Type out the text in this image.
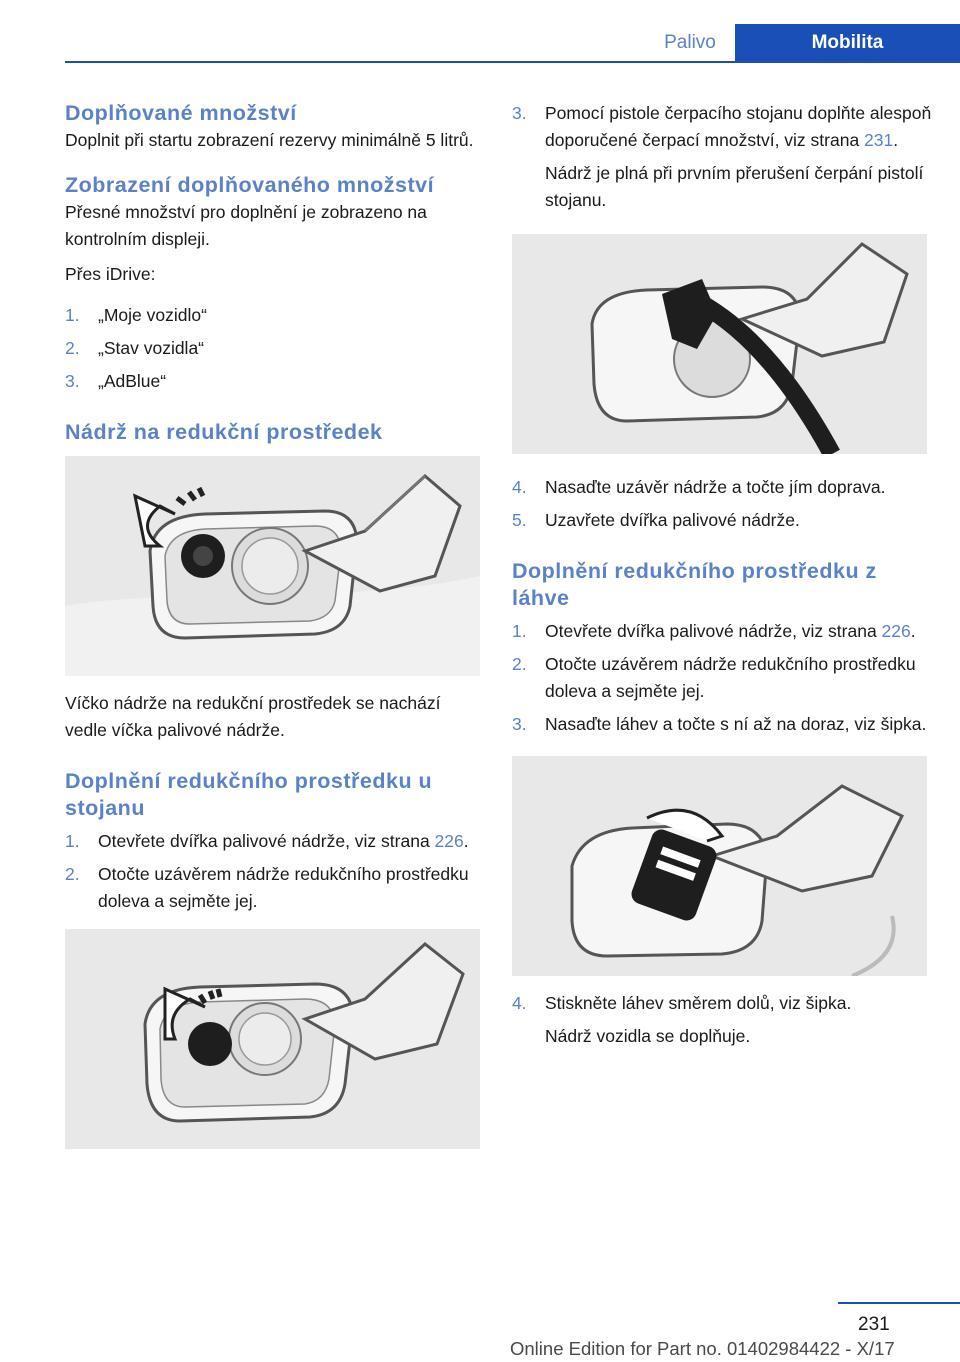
Palivo	Mobilita
Doplňované množství

Doplnit při startu zobrazení rezervy minimálně 5 litrů.

Zobrazení doplňovaného množství

Přesné množství pro doplnění je zobrazeno na kontrolním displeji.

Přes iDrive:

1.	„Moje vozidlo“
2.	„Stav vozidla“
3.	„AdBlue“
Nádrž na redukční prostředek

Víčko nádrže na redukční prostředek se nachází vedle víčka palivové nádrže.

Doplnění redukčního prostředku u stojanu
1.	Otevřete dvířka palivové nádrže, viz strana 226.
2.	Otočte uzávěrem nádrže redukčního prostředku doleva a sejměte jej.
3.	Pomocí pistole čerpacího stojanu doplňte alespoň doporučené čerpací množství, viz strana 231.

Nádrž je plná při prvním přerušení čerpání pistolí stojanu.

4.	Nasaďte uzávěr nádrže a točte jím doprava.
5.	Uzavřete dvířka palivové nádrže.
Doplnění redukčního prostředku z láhve
1.	Otevřete dvířka palivové nádrže, viz strana 226.
2.	Otočte uzávěrem nádrže redukčního prostředku doleva a sejměte jej.
3.	Nasaďte láhev a točte s ní až na doraz, viz šipka.
4.	Stiskněte láhev směrem dolů, viz šipka.

Nádrž vozidla se doplňuje.

231
Online Edition for Part no. 01402984422 - X/17
